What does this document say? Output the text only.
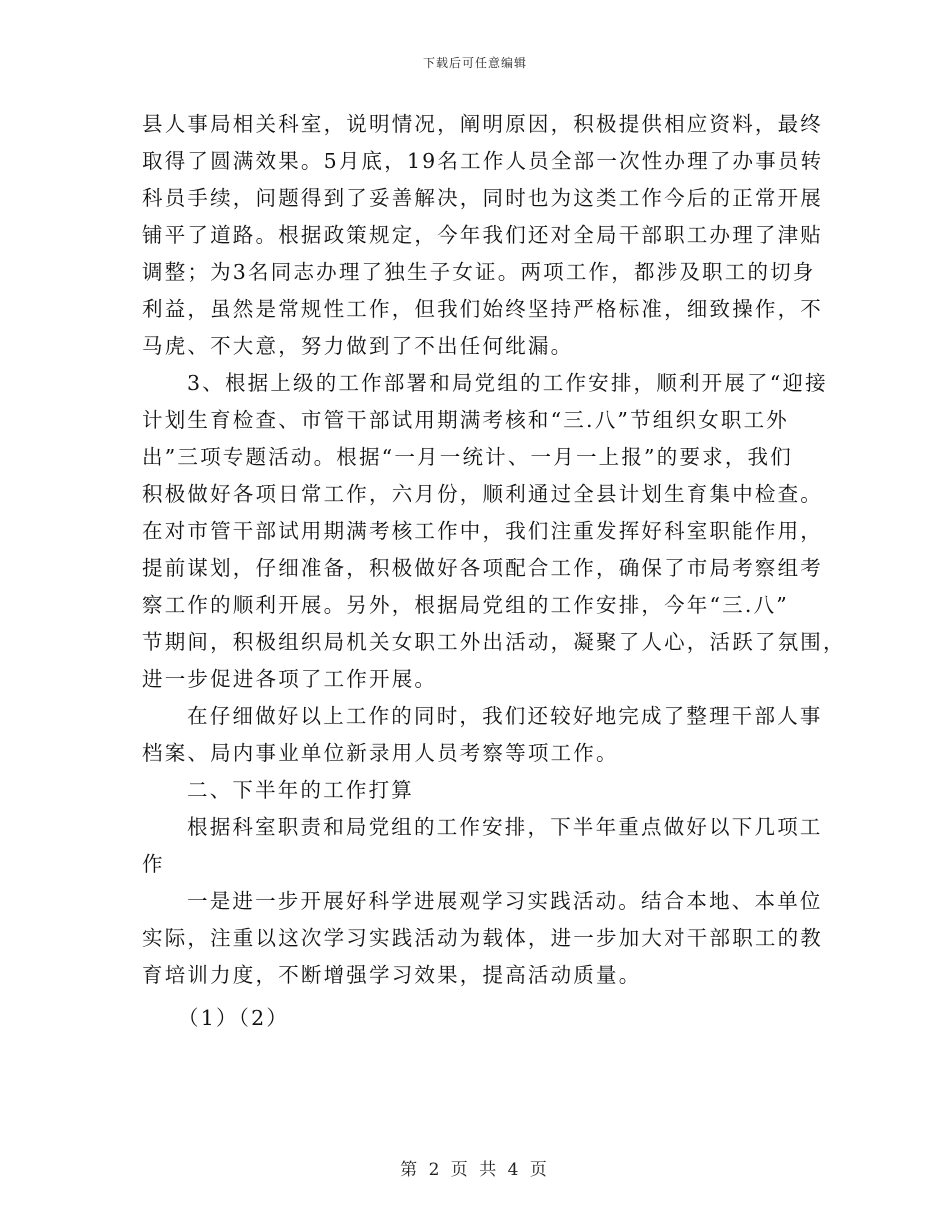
下载后可任意编辑

县人事局相关科室，说明情况，阐明原因，积极提供相应资料，最终
取得了圆满效果。5月底，19名工作人员全部一次性办理了办事员转
科员手续，问题得到了妥善解决，同时也为这类工作今后的正常开展
铺平了道路。根据政策规定，今年我们还对全局干部职工办理了津贴
调整；为3名同志办理了独生子女证。两项工作，都涉及职工的切身
利益，虽然是常规性工作，但我们始终坚持严格标准，细致操作，不
马虎、不大意，努力做到了不出任何纰漏。

3、根据上级的工作部署和局党组的工作安排，顺利开展了“迎接
计划生育检查、市管干部试用期满考核和“三.八”节组织女职工外
出”三项专题活动。根据“一月一统计、一月一上报”的要求，我们
积极做好各项日常工作，六月份，顺利通过全县计划生育集中检查。
在对市管干部试用期满考核工作中，我们注重发挥好科室职能作用，
提前谋划，仔细准备，积极做好各项配合工作，确保了市局考察组考
察工作的顺利开展。另外，根据局党组的工作安排，今年“三.八”
节期间，积极组织局机关女职工外出活动，凝聚了人心，活跃了氛围，
进一步促进各项了工作开展。

在仔细做好以上工作的同时，我们还较好地完成了整理干部人事
档案、局内事业单位新录用人员考察等项工作。

二、下半年的工作打算

根据科室职责和局党组的工作安排，下半年重点做好以下几项工
作

一是进一步开展好科学进展观学习实践活动。结合本地、本单位
实际，注重以这次学习实践活动为载体，进一步加大对干部职工的教
育培训力度，不断增强学习效果，提高活动质量。

（1）（2）

第 2 页 共 4 页
